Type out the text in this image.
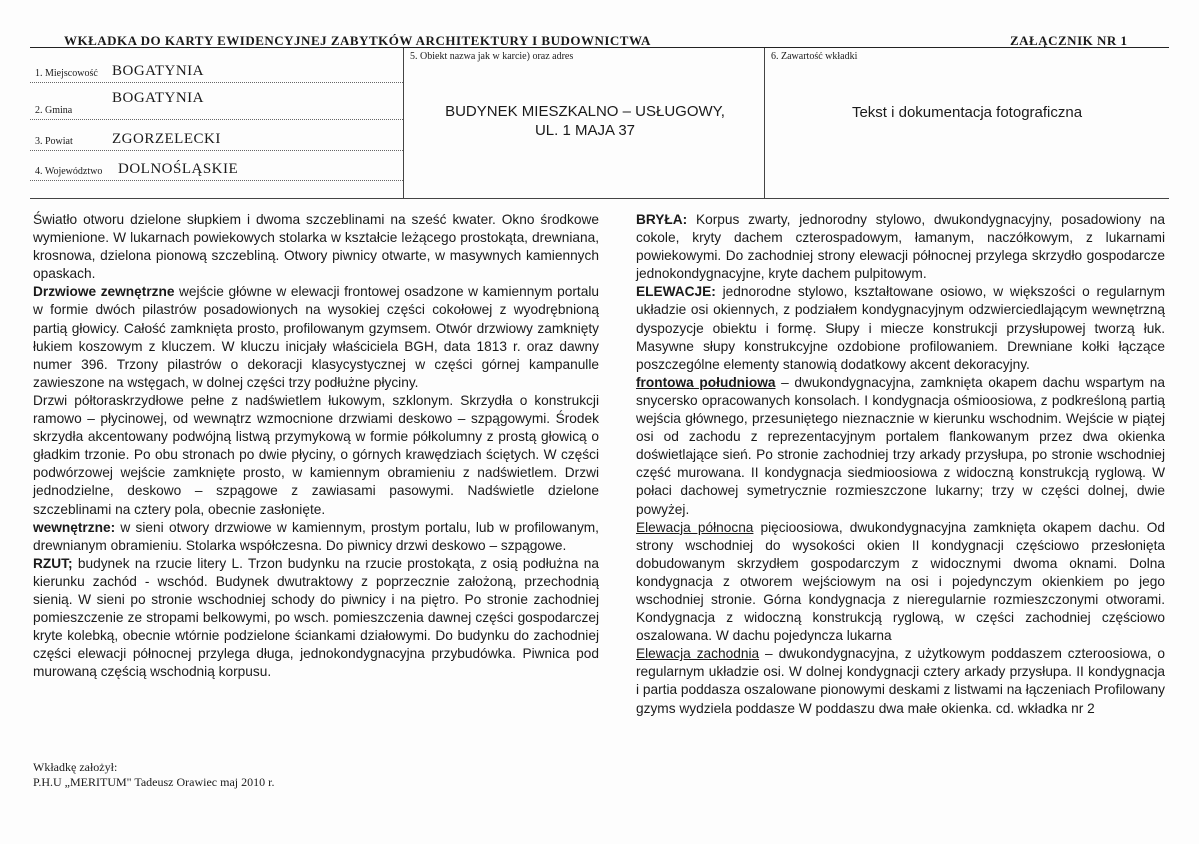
WKŁADKA DO KARTY EWIDENCYJNEJ ZABYTKÓW ARCHITEKTURY I BUDOWNICTWA	ZAŁĄCZNIK NR 1
1. Miejscowość BOGATYNIA
2. Gmina
BOGATYNIA
3. Powiat	ZGORZELECKI
4. Województwo DOLNOŚLĄSKIE
5. Obiekt nazwa jak w karcie) oraz adres
BUDYNEK MIESZKALNO – USŁUGOWY,
UL. 1 MAJA 37
6. Zawartość wkładki
Tekst i dokumentacja fotograficzna

Światło otworu dzielone słupkiem i dwoma szczeblinami na sześć kwater. Okno środkowe wymienione. W lukarnach powiekowych stolarka w kształcie leżącego prostokąta, drewniana, krosnowa, dzielona pionową szczebliną. Otwory piwnicy otwarte, w masywnych kamiennych opaskach.

Drzwiowe zewnętrzne wejście główne w elewacji frontowej osadzone w kamiennym portalu w formie dwóch pilastrów posadowionych na wysokiej części cokołowej z wyodrębnioną partią głowicy. Całość zamknięta prosto, profilowanym gzymsem. Otwór drzwiowy zamknięty łukiem koszowym z kluczem. W kluczu inicjały właściciela BGH, data 1813 r. oraz dawny numer 396. Trzony pilastrów o dekoracji klasycystycznej w części górnej kampanulle zawieszone na wstęgach, w dolnej części trzy podłużne płyciny.

Drzwi półtoraskrzydłowe pełne z nadświetlem łukowym, szklonym. Skrzydła o konstrukcji ramowo – płycinowej, od wewnątrz wzmocnione drzwiami deskowo – szpągowymi. Środek skrzydła akcentowany podwójną listwą przymykową w formie półkolumny z prostą głowicą o gładkim trzonie. Po obu stronach po dwie płyciny, o górnych krawędziach ściętych. W części podwórzowej wejście zamknięte prosto, w kamiennym obramieniu z nadświetlem. Drzwi jednodzielne, deskowo – szpągowe z zawiasami pasowymi. Nadświetle dzielone szczeblinami na cztery pola, obecnie zasłonięte.

wewnętrzne: w sieni otwory drzwiowe w kamiennym, prostym portalu, lub w profilowanym, drewnianym obramieniu. Stolarka współczesna. Do piwnicy drzwi deskowo – szpągowe.

RZUT; budynek na rzucie litery L. Trzon budynku na rzucie prostokąta, z osią podłużna na kierunku zachód - wschód. Budynek dwutraktowy z poprzecznie założoną, przechodnią sienią. W sieni po stronie wschodniej schody do piwnicy i na piętro. Po stronie zachodniej pomieszczenie ze stropami belkowymi, po wsch. pomieszczenia dawnej części gospodarczej kryte kolebką, obecnie wtórnie podzielone ściankami działowymi. Do budynku do zachodniej części elewacji północnej przylega długa, jednokondygnacyjna przybudówka. Piwnica pod murowaną częścią wschodnią korpusu.

BRYŁA: Korpus zwarty, jednorodny stylowo, dwukondygnacyjny, posadowiony na cokole, kryty dachem czterospadowym, łamanym, naczółkowym, z lukarnami powiekowymi. Do zachodniej strony elewacji północnej przylega skrzydło gospodarcze jednokondygnacyjne, kryte dachem pulpitowym.

ELEWACJE: jednorodne stylowo, kształtowane osiowo, w większości o regularnym układzie osi okiennych, z podziałem kondygnacyjnym odzwierciedlającym wewnętrzną dyspozycje obiektu i formę. Słupy i miecze konstrukcji przysłupowej tworzą łuk. Masywne słupy konstrukcyjne ozdobione profilowaniem. Drewniane kołki łączące poszczególne elementy stanowią dodatkowy akcent dekoracyjny.

frontowa południowa – dwukondygnacyjna, zamknięta okapem dachu wspartym na snycersko opracowanych konsolach. I kondygnacja ośmioosiowa, z podkreśloną partią wejścia głównego, przesuniętego nieznacznie w kierunku wschodnim. Wejście w piątej osi od zachodu z reprezentacyjnym portalem flankowanym przez dwa okienka doświetlające sień. Po stronie zachodniej trzy arkady przysłupa, po stronie wschodniej część murowana. II kondygnacja siedmioosiowa z widoczną konstrukcją ryglową. W połaci dachowej symetrycznie rozmieszczone lukarny; trzy w części dolnej, dwie powyżej.

Elewacja północna pięcioosiowa, dwukondygnacyjna zamknięta okapem dachu. Od strony wschodniej do wysokości okien II kondygnacji częściowo przesłonięta dobudowanym skrzydłem gospodarczym z widocznymi dwoma oknami. Dolna kondygnacja z otworem wejściowym na osi i pojedynczym okienkiem po jego wschodniej stronie. Górna kondygnacja z nieregularnie rozmieszczonymi otworami. Kondygnacja z widoczną konstrukcją ryglową, w części zachodniej częściowo oszalowana. W dachu pojedyncza lukarna

Elewacja zachodnia – dwukondygnacyjna, z użytkowym poddaszem czteroosiowa, o regularnym układzie osi. W dolnej kondygnacji cztery arkady przysłupa. II kondygnacja i partia poddasza oszalowane pionowymi deskami z listwami na łączeniach Profilowany gzyms wydziela poddasze W poddaszu dwa małe okienka. cd. wkładka nr 2

Wkładkę założył:
P.H.U „MERITUM" Tadeusz Orawiec maj 2010 r.
